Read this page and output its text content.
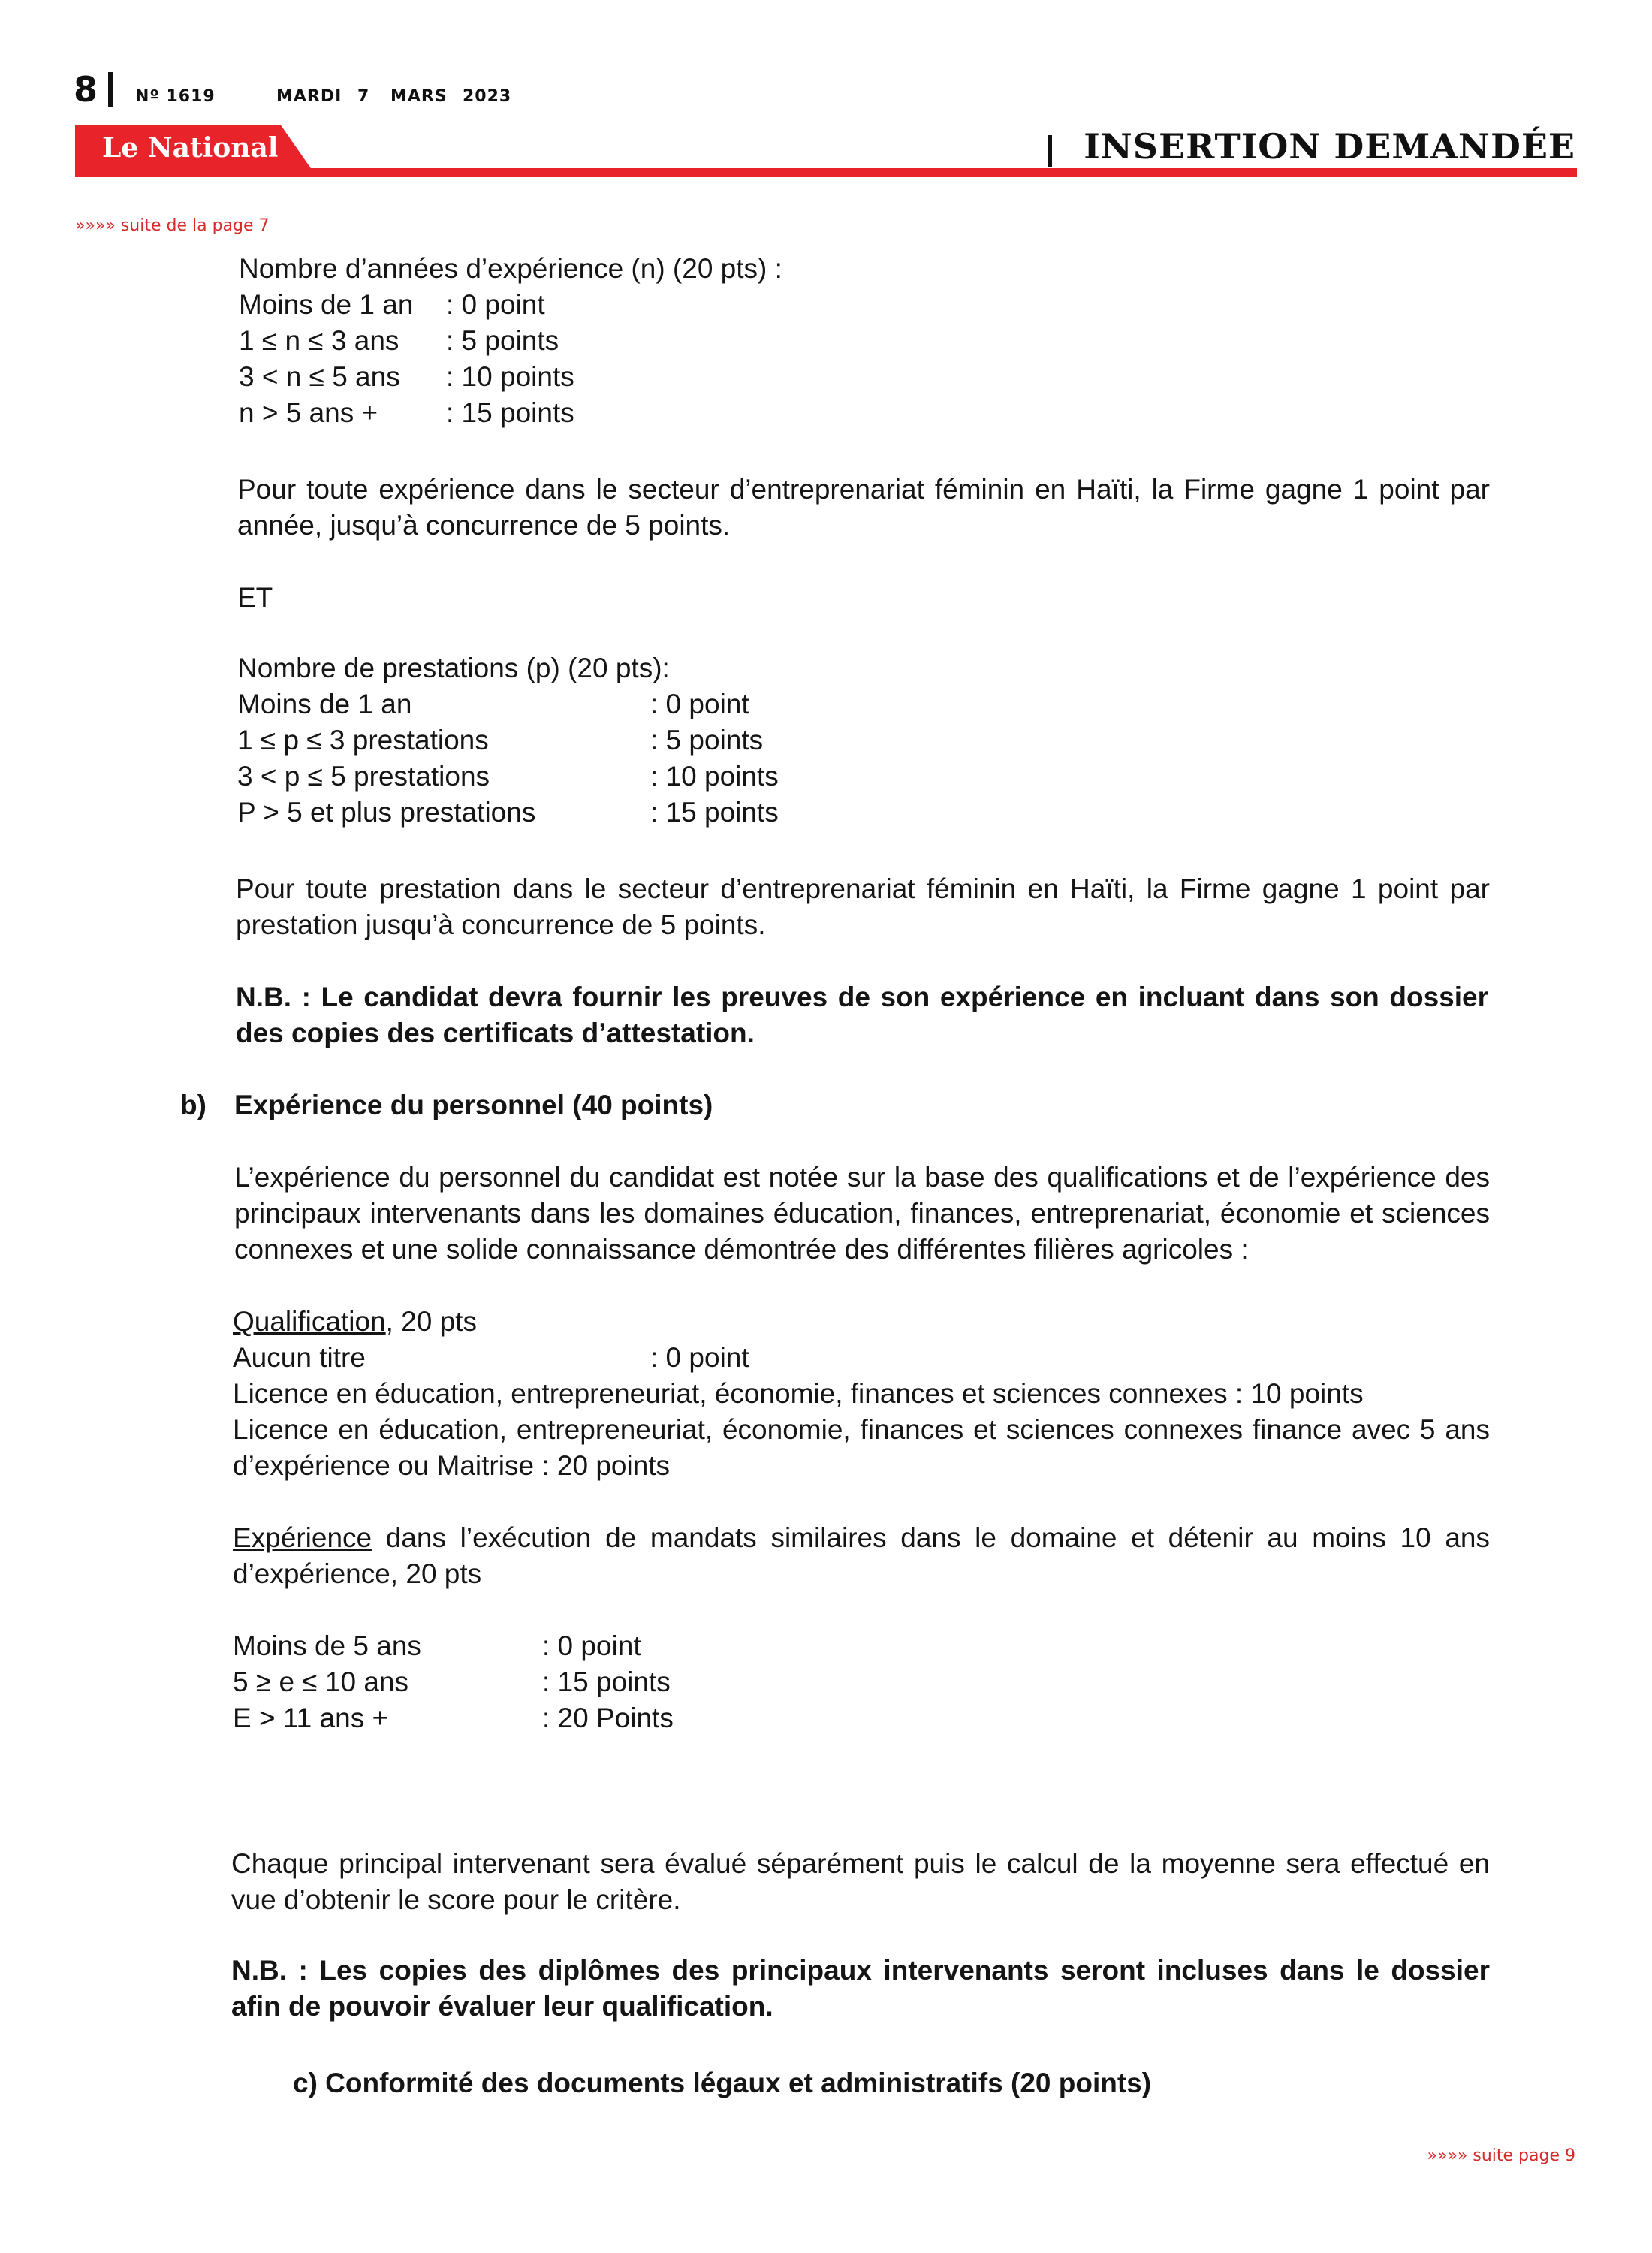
8 Nº 1619	MARDI 7 MARS 2023
Le National	INSERTION DEMANDÉE
»»»» suite de la page 7
Nombre d’années d’expérience (n) (20 pts) :
Moins de 1 an : 0 point
1 ≤ n ≤ 3 ans : 5 points
3 < n ≤ 5 ans : 10 points
n > 5 ans + : 15 points
Pour toute expérience dans le secteur d’entreprenariat féminin en Haïti, la Firme gagne 1 point par année, jusqu’à concurrence de 5 points.
ET
Nombre de prestations (p) (20 pts):
Moins de 1 an	: 0 point
1 ≤ p ≤ 3 prestations	: 5 points
3 < p ≤ 5 prestations	: 10 points
P > 5 et plus prestations	: 15 points
Pour toute prestation dans le secteur d’entreprenariat féminin en Haïti, la Firme gagne 1 point par prestation jusqu’à concurrence de 5 points.
N.B. : Le candidat devra fournir les preuves de son expérience en incluant dans son dossier des copies des certificats d’attestation.
b) Expérience du personnel (40 points)
L’expérience du personnel du candidat est notée sur la base des qualifications et de l’expérience des principaux intervenants dans les domaines éducation, finances, entreprenariat, économie et sciences connexes et une solide connaissance démontrée des différentes filières agricoles :
Qualification, 20 pts
Aucun titre	: 0 point
Licence en éducation, entrepreneuriat, économie, finances et sciences connexes : 10 points
Licence en éducation, entrepreneuriat, économie, finances et sciences connexes finance avec 5 ans d’expérience ou Maitrise : 20 points
Expérience dans l’exécution de mandats similaires dans le domaine et détenir au moins 10 ans d’expérience, 20 pts
Moins de 5 ans	: 0 point
5 ≥ e ≤ 10 ans	: 15 points
E > 11 ans +	: 20 Points
Chaque principal intervenant sera évalué séparément puis le calcul de la moyenne sera effectué en vue d’obtenir le score pour le critère.
N.B. : Les copies des diplômes des principaux intervenants seront incluses dans le dossier afin de pouvoir évaluer leur qualification.
c) Conformité des documents légaux et administratifs (20 points)
»»»» suite page 9
